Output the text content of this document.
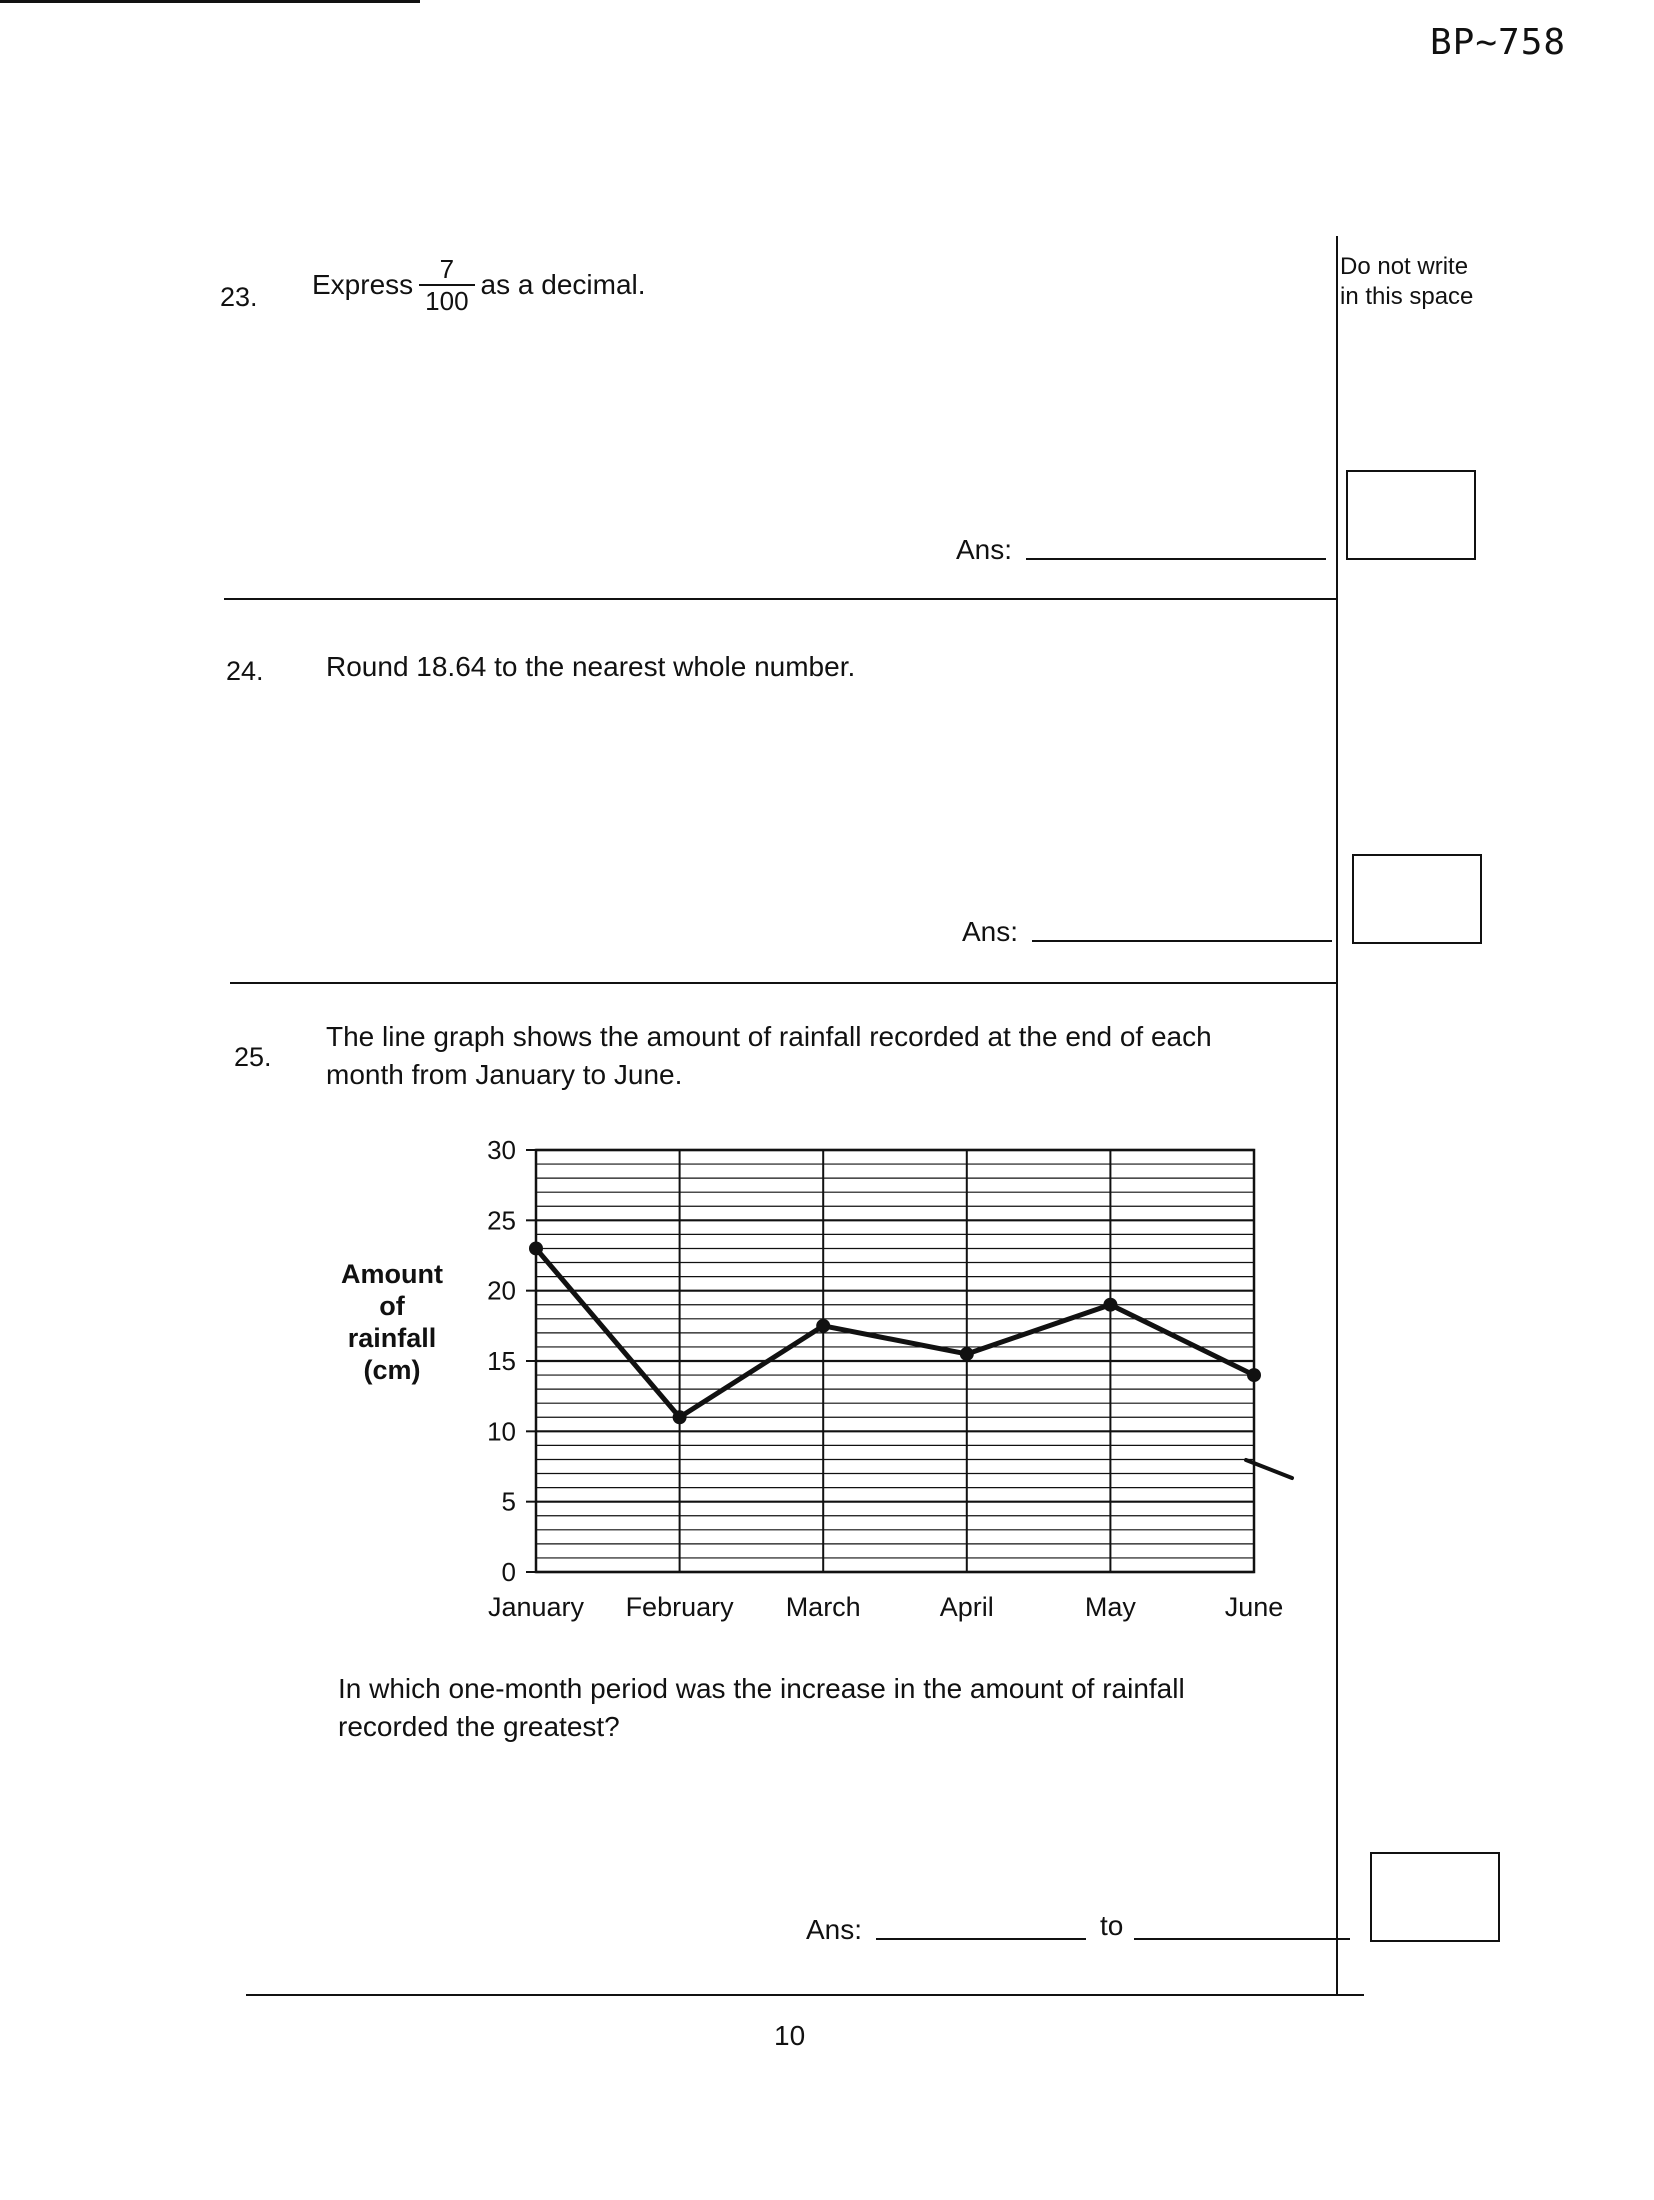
BP~758
Do not write
in this space
23. Express $\frac{7}{100}$ as a decimal.
Ans:
24. Round 18.64 to the nearest whole number.
Ans:
25.
The line graph shows the amount of rainfall recorded at the end of each
month from January to June.
Amount
of
rainfall
(cm)
0
5
10
15
20
25
30
January February March	April	May	June
In which one-month period was the increase in the amount of rainfall
recorded the greatest?
Ans:	to
10
